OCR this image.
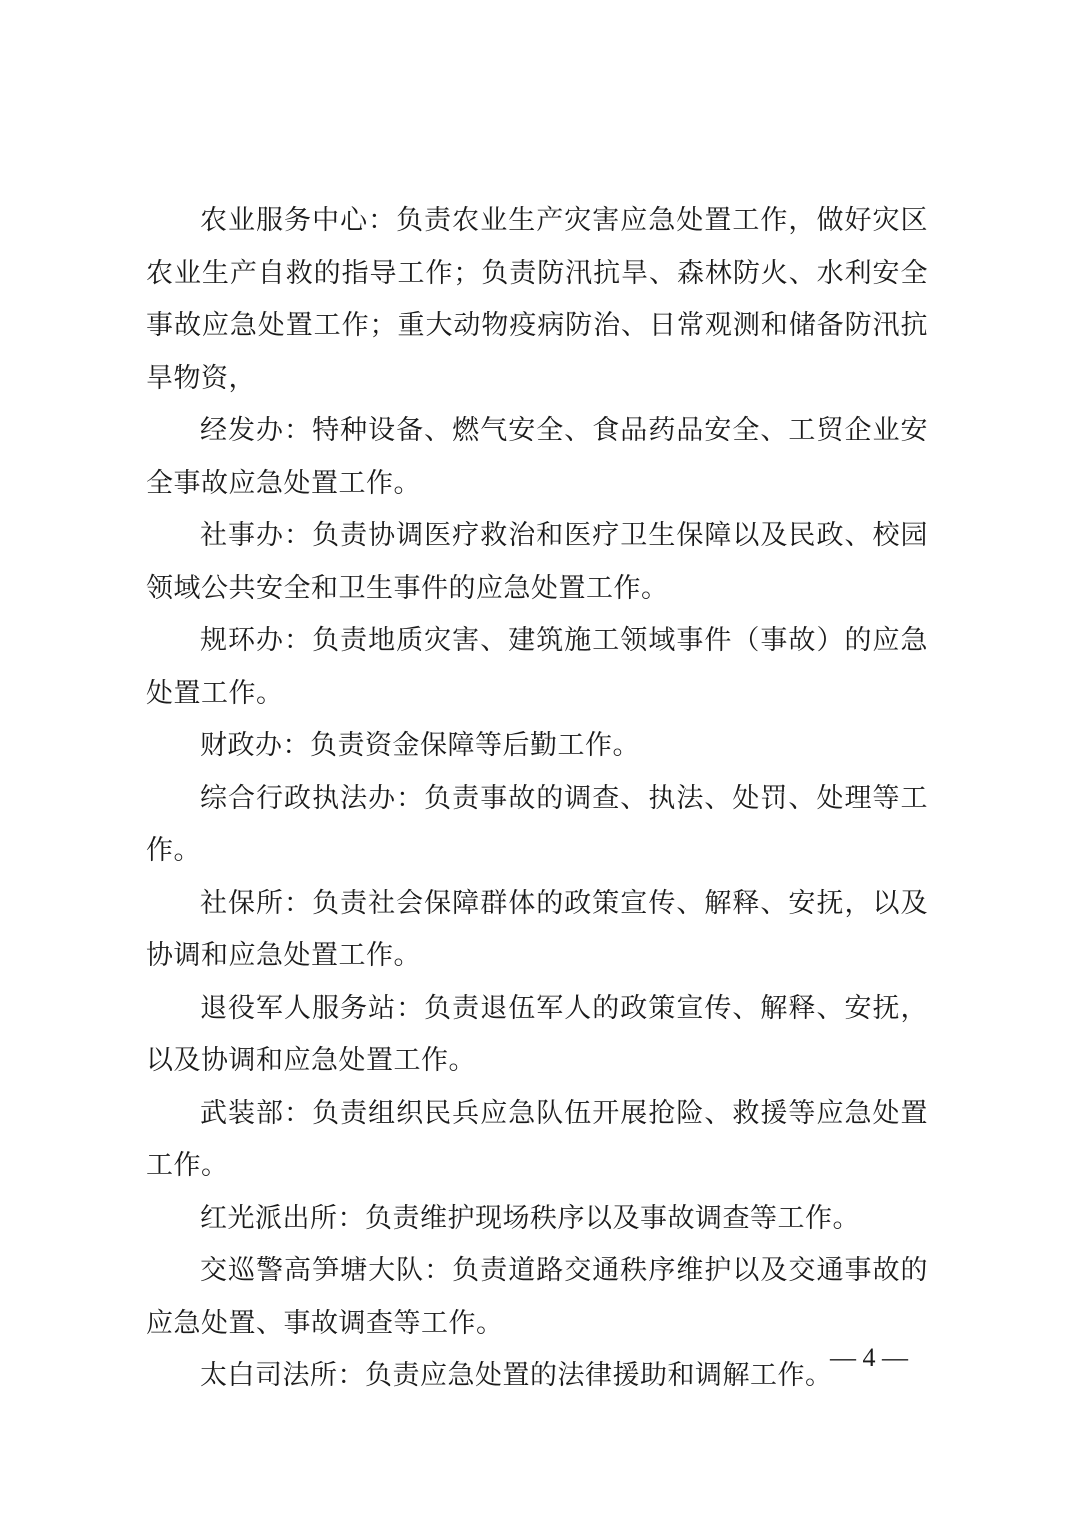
农业服务中心：负责农业生产灾害应急处置工作，做好灾区农业生产自救的指导工作；负责防汛抗旱、森林防火、水利安全事故应急处置工作；重大动物疫病防治、日常观测和储备防汛抗旱物资，

经发办：特种设备、燃气安全、食品药品安全、工贸企业安全事故应急处置工作。

社事办：负责协调医疗救治和医疗卫生保障以及民政、校园领域公共安全和卫生事件的应急处置工作。

规环办：负责地质灾害、建筑施工领域事件（事故）的应急处置工作。

财政办：负责资金保障等后勤工作。

综合行政执法办：负责事故的调查、执法、处罚、处理等工作。

社保所：负责社会保障群体的政策宣传、解释、安抚，以及协调和应急处置工作。

退役军人服务站：负责退伍军人的政策宣传、解释、安抚，以及协调和应急处置工作。

武装部：负责组织民兵应急队伍开展抢险、救援等应急处置工作。

红光派出所：负责维护现场秩序以及事故调查等工作。

交巡警高笋塘大队：负责道路交通秩序维护以及交通事故的应急处置、事故调查等工作。

太白司法所：负责应急处置的法律援助和调解工作。

— 4 —
